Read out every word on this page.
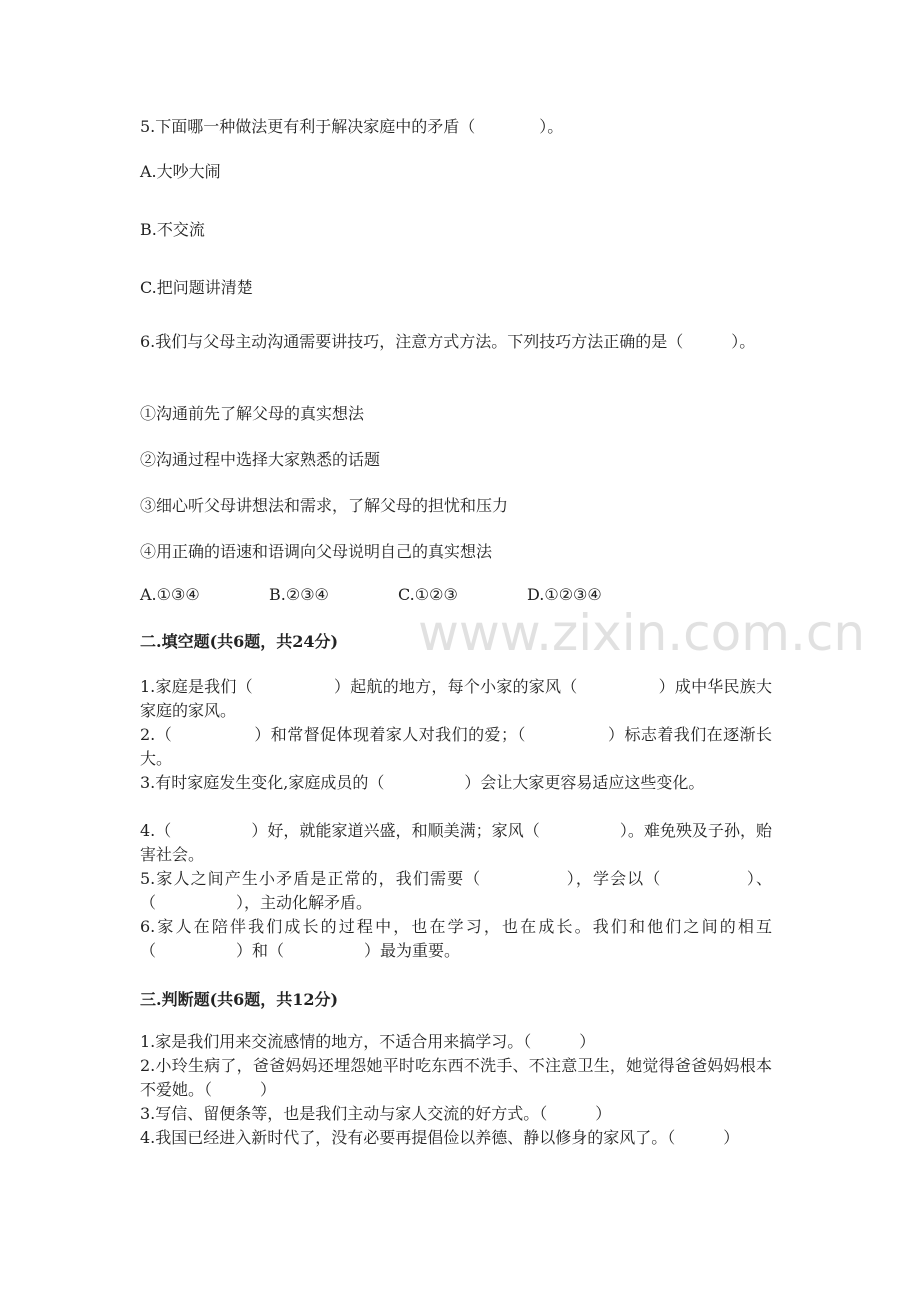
5.下面哪一种做法更有利于解决家庭中的矛盾（　　　　）。
A.大吵大闹
B.不交流
C.把问题讲清楚
6.我们与父母主动沟通需要讲技巧，注意方式方法。下列技巧方法正确的是（　　　）。
①沟通前先了解父母的真实想法
②沟通过程中选择大家熟悉的话题
③细心听父母讲想法和需求，了解父母的担忧和压力
④用正确的语速和语调向父母说明自己的真实想法
A.①③④	B.②③④	C.①②③	D.①②③④
www.zixin.com.cn
二.填空题(共6题，共24分)
1.家庭是我们（　　　　　）起航的地方，每个小家的家风（　　　　　）成中华民族大家庭的家风。
2.（　　　　　）和常督促体现着家人对我们的爱；（　　　　　）标志着我们在逐渐长大。
3.有时家庭发生变化,家庭成员的（　　　　　）会让大家更容易适应这些变化。
4.（　　　　　）好，就能家道兴盛，和顺美满；家风（　　　　　）。难免殃及子孙，贻害社会。
5.家人之间产生小矛盾是正常的，我们需要（　　　　　），学会以（　　　　　）、（　　　　　），主动化解矛盾。
6.家人在陪伴我们成长的过程中，也在学习，也在成长。我们和他们之间的相互（　　　　　）和（　　　　　）最为重要。
三.判断题(共6题，共12分)
1.家是我们用来交流感情的地方，不适合用来搞学习。（　　　）
2.小玲生病了，爸爸妈妈还埋怨她平时吃东西不洗手、不注意卫生，她觉得爸爸妈妈根本不爱她。（　　　）
3.写信、留便条等，也是我们主动与家人交流的好方式。（　　　）
4.我国已经进入新时代了，没有必要再提倡俭以养德、静以修身的家风了。（　　　）
